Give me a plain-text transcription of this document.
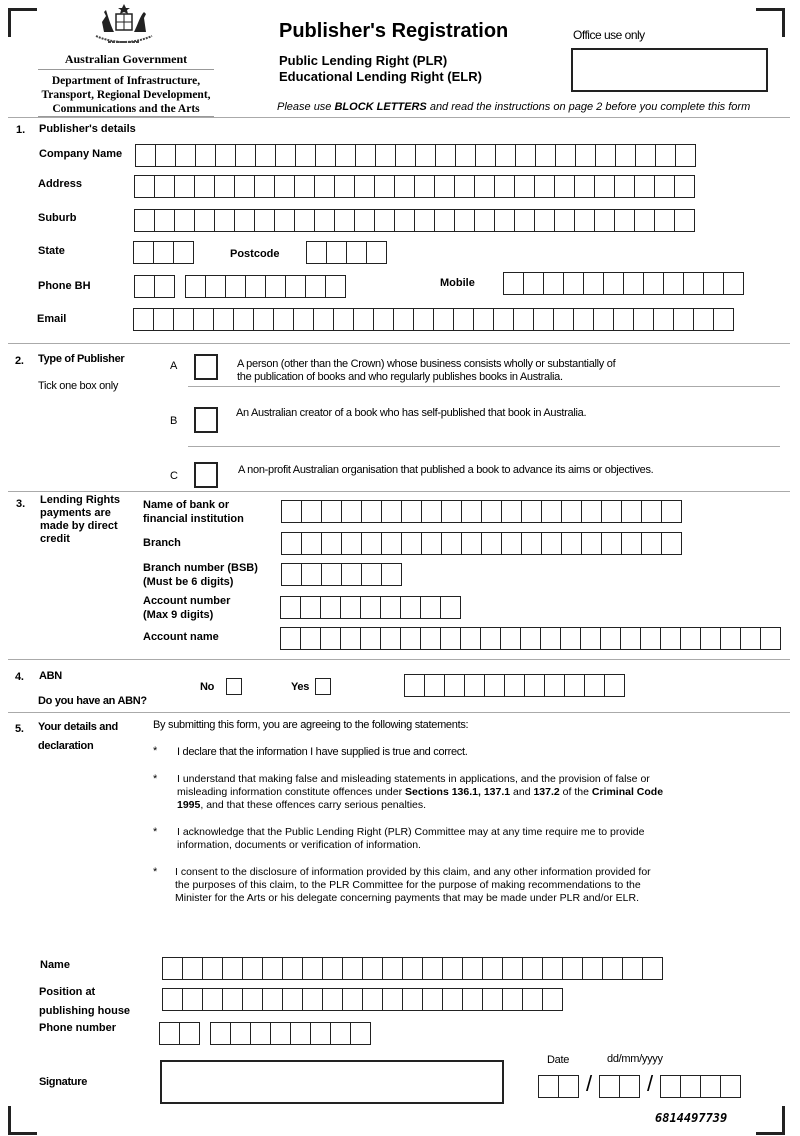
Australian Government
Department of Infrastructure,
Transport, Regional Development,
Communications and the Arts
Publisher's Registration
Public Lending Right (PLR)
Educational Lending Right (ELR)
Office use only
Please use BLOCK LETTERS and read the instructions on page 2 before you complete this form
1. Publisher's details
Company Name
Address
Suburb
State	Postcode
Phone BH	Mobile
Email
2. Type of Publisher
Tick one box only
A	A person (other than the Crown) whose business consists wholly or substantially of
the publication of books and who regularly publishes books in Australia.
B
An Australian creator of a book who has self-published that book in Australia.
C	A non-profit Australian organisation that published a book to advance its aims or objectives.
3. Lending Rights
payments are
made by direct
credit
Name of bank or
financial institution
Branch
Branch number (BSB)
(Must be 6 digits)
Account number
(Max 9 digits)
Account name
4. ABN
Do you have an ABN?
No	Yes
5. Your details and
declaration
By submitting this form, you are agreeing to the following statements:
* I declare that the information I have supplied is true and correct.
* I understand that making false and misleading statements in applications, and the provision of false or
misleading information constitute offences under Sections 136.1, 137.1 and 137.2 of the Criminal Code
1995, and that these offences carry serious penalties.
* I acknowledge that the Public Lending Right (PLR) Committee may at any time require me to provide
information, documents or verification of information.
* I consent to the disclosure of information provided by this claim, and any other information provided for
the purposes of this claim, to the PLR Committee for the purpose of making recommendations to the
Minister for the Arts or his delegate concerning payments that may be made under PLR and/or ELR.
Name
Position at
publishing house
Phone number
Signature
Date	dd/mm/yyyy
/ /
6814497739
